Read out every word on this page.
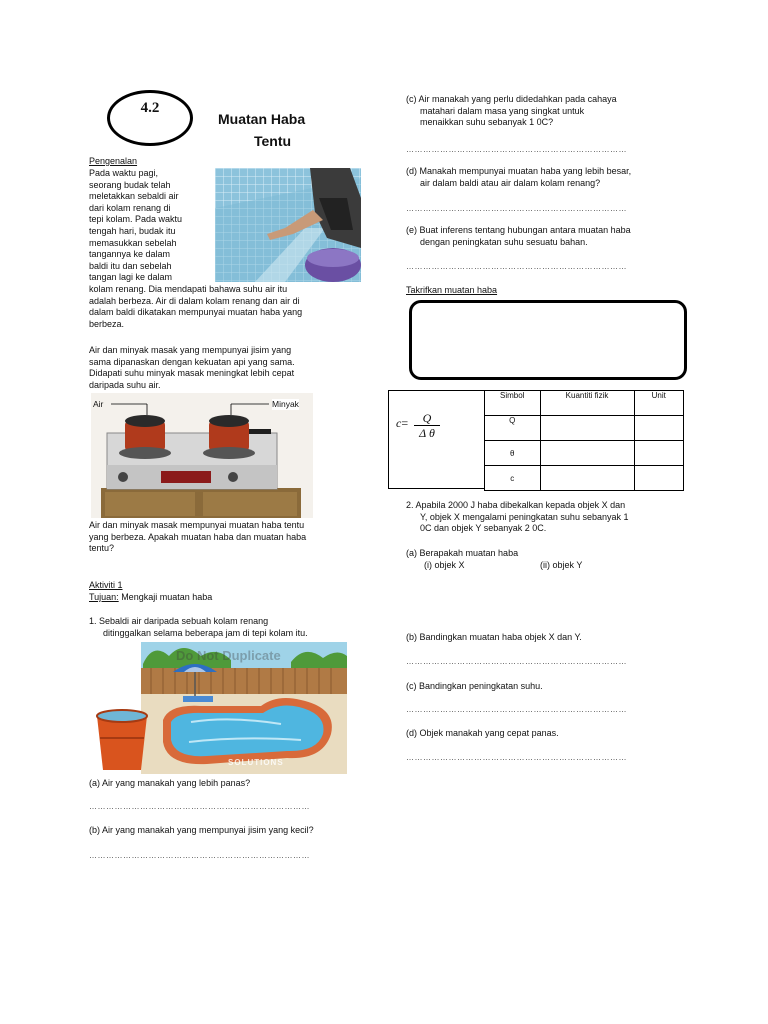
4.2
Muatan Haba
Tentu
Pengenalan
Pada waktu pagi,
seorang budak telah
meletakkan sebaldi air
dari kolam renang di
tepi kolam. Pada waktu
tengah hari, budak itu
memasukkan sebelah
tangannya ke dalam
baldi itu dan sebelah
tangan lagi ke dalam
kolam renang. Dia mendapati bahawa suhu air itu
adalah berbeza. Air di dalam kolam renang dan air di
dalam baldi dikatakan mempunyai muatan haba yang
berbeza.
Air dan minyak masak yang mempunyai jisim yang
sama dipanaskan dengan kekuatan api yang sama.
Didapati suhu minyak masak meningkat lebih cepat
daripada suhu air.
Air	Minyak
Air dan minyak masak mempunyai muatan haba tentu
yang berbeza. Apakah muatan haba dan muatan haba
tentu?
Aktiviti 1
Tujuan: Mengkaji muatan haba
1. Sebaldi air daripada sebuah kolam renang
ditinggalkan selama beberapa jam di tepi kolam itu.
Do Not Duplicate
SOLUTIONS
(a) Air yang manakah yang lebih panas?
……………………………………………………………………
(b) Air yang manakah yang mempunyai jisim yang kecil?
……………………………………………………………………
(c) Air manakah yang perlu didedahkan pada cahaya
matahari dalam masa yang singkat untuk
menaikkan suhu sebanyak 1 0C?
……………………………………………………………………
(d) Manakah mempunyai muatan haba yang lebih besar,
air dalam baldi atau air dalam kolam renang?
……………………………………………………………………
(e) Buat inferens tentang hubungan antara muatan haba
dengan peningkatan suhu sesuatu bahan.
……………………………………………………………………
Takrifkan muatan haba
$c= \frac{Q}{\text{Δ θ}}$
Simbol	Kuantiti fizik	Unit
Q		
θ		
c		
2. Apabila 2000 J haba dibekalkan kepada objek X dan
Y, objek X mengalami peningkatan suhu sebanyak 1
0C dan objek Y sebanyak 2 0C.
(a) Berapakah muatan haba
(i) objek X	(ii) objek Y
(b) Bandingkan muatan haba objek X dan Y.
……………………………………………………………………
(c) Bandingkan peningkatan suhu.
……………………………………………………………………
(d) Objek manakah yang cepat panas.
……………………………………………………………………
